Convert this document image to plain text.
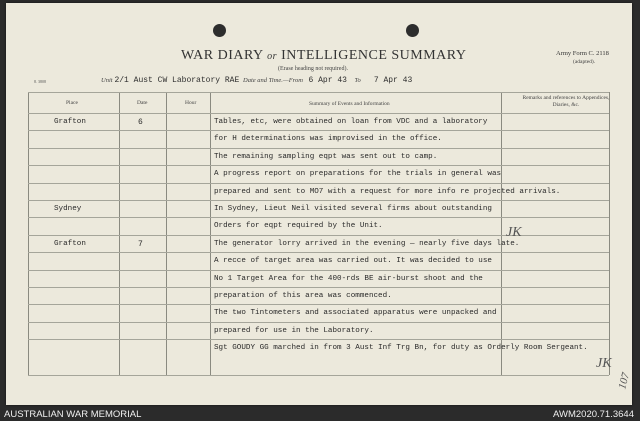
WAR DIARY or INTELLIGENCE SUMMARY
(Erase heading not required).
Army Form C. 2118
(adapted).
8. 3808	Unit 2/1 Aust CW Laboratory RAE Date and Time.—From 6 Apr 43 To 7 Apr 43
Place	Date	Hour	Summary of Events and Information
Remarks and references to Appendices, Diaries, &c.
Grafton	6	Tables, etc, were obtained on loan from VDC and a laboratory
for H determinations was improvised in the office.
The remaining sampling eqpt was sent out to camp.
A progress report on preparations for the trials in general was
prepared and sent to MO7 with a request for more info re projected arrivals.
Sydney	In Sydney, Lieut Neil visited several firms about outstanding
Orders for eqpt required by the Unit.
Grafton	7	The generator lorry arrived in the evening — nearly five days late.
A recce of target area was carried out. It was decided to use
No 1 Target Area for the 400-rds BE air-burst shoot and the
preparation of this area was commenced.
The two Tintometers and associated apparatus were unpacked and
prepared for use in the Laboratory.
Sgt GOUDY GG marched in from 3 Aust Inf Trg Bn, for duty as Orderly Room Sergeant.
JK
JK
107
AUSTRALIAN WAR MEMORIAL	AWM2020.71.3644
